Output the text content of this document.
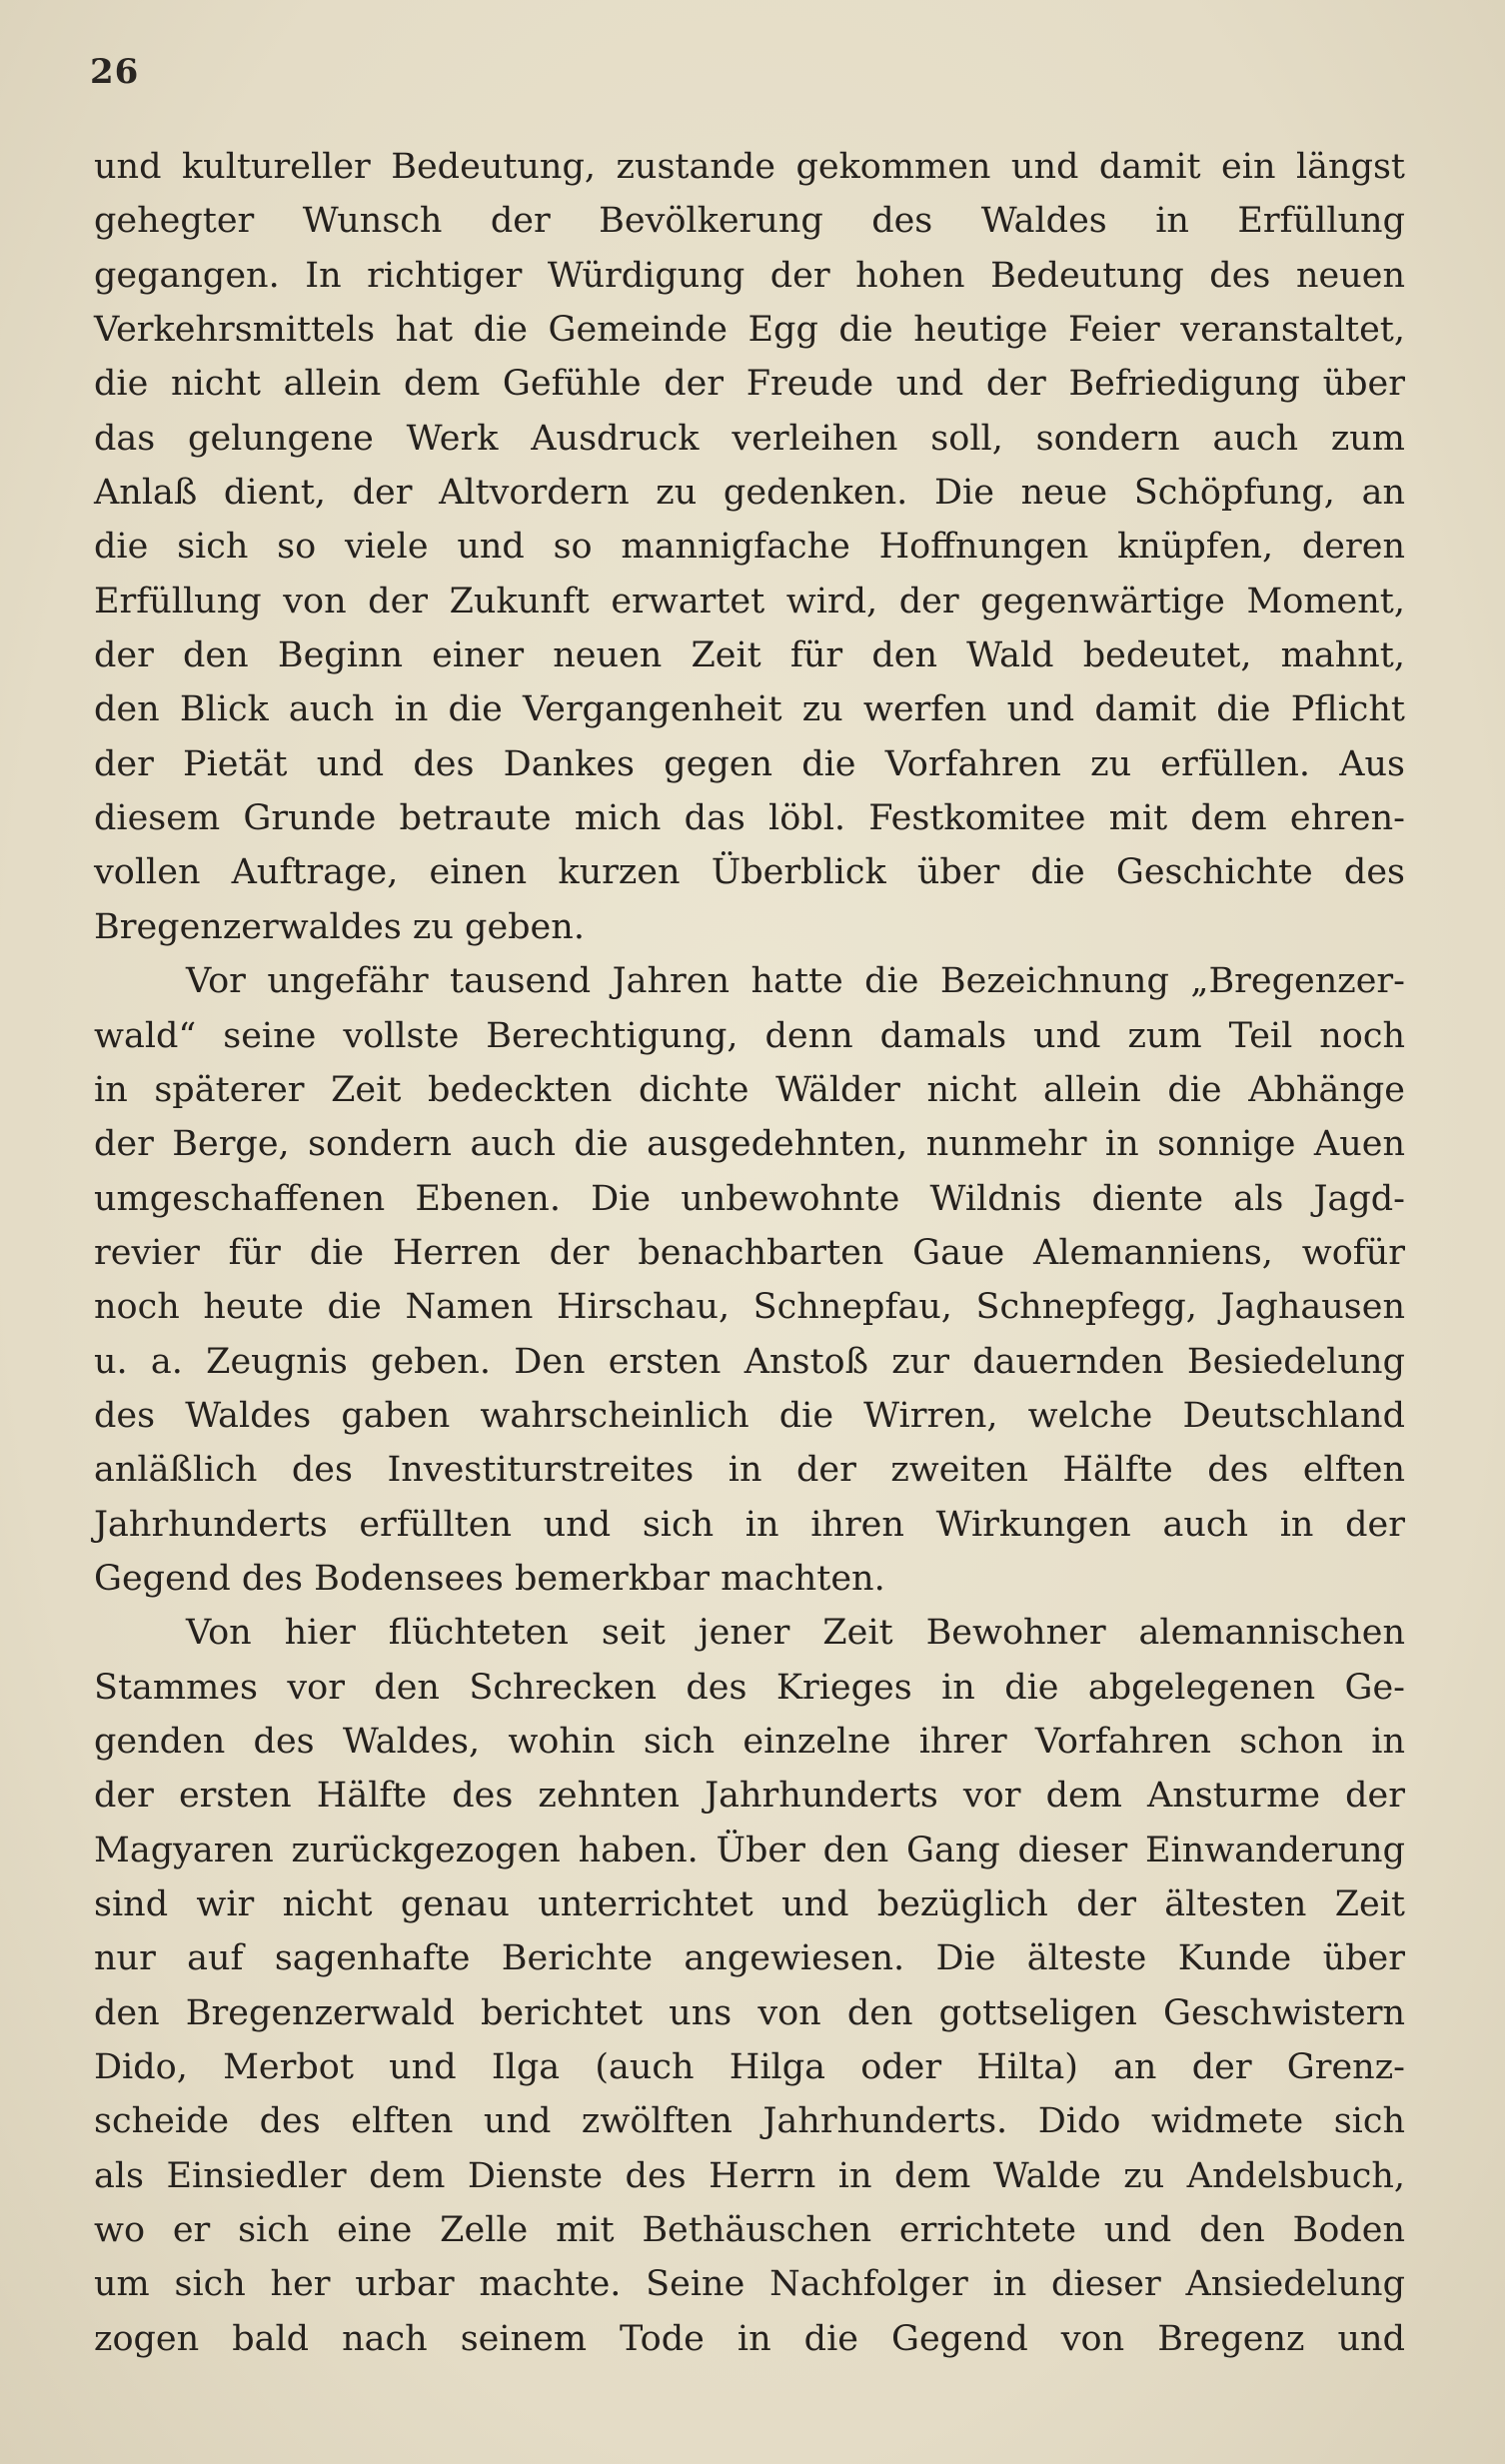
26
und kultureller Bedeutung, zustande gekommen und damit ein längst
gehegter Wunsch der Bevölkerung des Waldes in Erfüllung
gegangen. In richtiger Würdigung der hohen Bedeutung des neuen
Verkehrsmittels hat die Gemeinde Egg die heutige Feier veranstaltet,
die nicht allein dem Gefühle der Freude und der Befriedigung über
das gelungene Werk Ausdruck verleihen soll, sondern auch zum
Anlaß dient, der Altvordern zu gedenken. Die neue Schöpfung, an
die sich so viele und so mannigfache Hoffnungen knüpfen, deren
Erfüllung von der Zukunft erwartet wird, der gegenwärtige Moment,
der den Beginn einer neuen Zeit für den Wald bedeutet, mahnt,
den Blick auch in die Vergangenheit zu werfen und damit die Pflicht
der Pietät und des Dankes gegen die Vorfahren zu erfüllen. Aus
diesem Grunde betraute mich das löbl. Festkomitee mit dem ehren-
vollen Auftrage, einen kurzen Überblick über die Geschichte des
Bregenzerwaldes zu geben.
Vor ungefähr tausend Jahren hatte die Bezeichnung „Bregenzer-
wald“ seine vollste Berechtigung, denn damals und zum Teil noch
in späterer Zeit bedeckten dichte Wälder nicht allein die Abhänge
der Berge, sondern auch die ausgedehnten, nunmehr in sonnige Auen
umgeschaffenen Ebenen. Die unbewohnte Wildnis diente als Jagd-
revier für die Herren der benachbarten Gaue Alemanniens, wofür
noch heute die Namen Hirschau, Schnepfau, Schnepfegg, Jaghausen
u. a. Zeugnis geben. Den ersten Anstoß zur dauernden Besiedelung
des Waldes gaben wahrscheinlich die Wirren, welche Deutschland
anläßlich des Investiturstreites in der zweiten Hälfte des elften
Jahrhunderts erfüllten und sich in ihren Wirkungen auch in der
Gegend des Bodensees bemerkbar machten.
Von hier flüchteten seit jener Zeit Bewohner alemannischen
Stammes vor den Schrecken des Krieges in die abgelegenen Ge-
genden des Waldes, wohin sich einzelne ihrer Vorfahren schon in
der ersten Hälfte des zehnten Jahrhunderts vor dem Ansturme der
Magyaren zurückgezogen haben. Über den Gang dieser Einwanderung
sind wir nicht genau unterrichtet und bezüglich der ältesten Zeit
nur auf sagenhafte Berichte angewiesen. Die älteste Kunde über
den Bregenzerwald berichtet uns von den gottseligen Geschwistern
Dido, Merbot und Ilga (auch Hilga oder Hilta) an der Grenz-
scheide des elften und zwölften Jahrhunderts. Dido widmete sich
als Einsiedler dem Dienste des Herrn in dem Walde zu Andelsbuch,
wo er sich eine Zelle mit Bethäuschen errichtete und den Boden
um sich her urbar machte. Seine Nachfolger in dieser Ansiedelung
zogen bald nach seinem Tode in die Gegend von Bregenz und
